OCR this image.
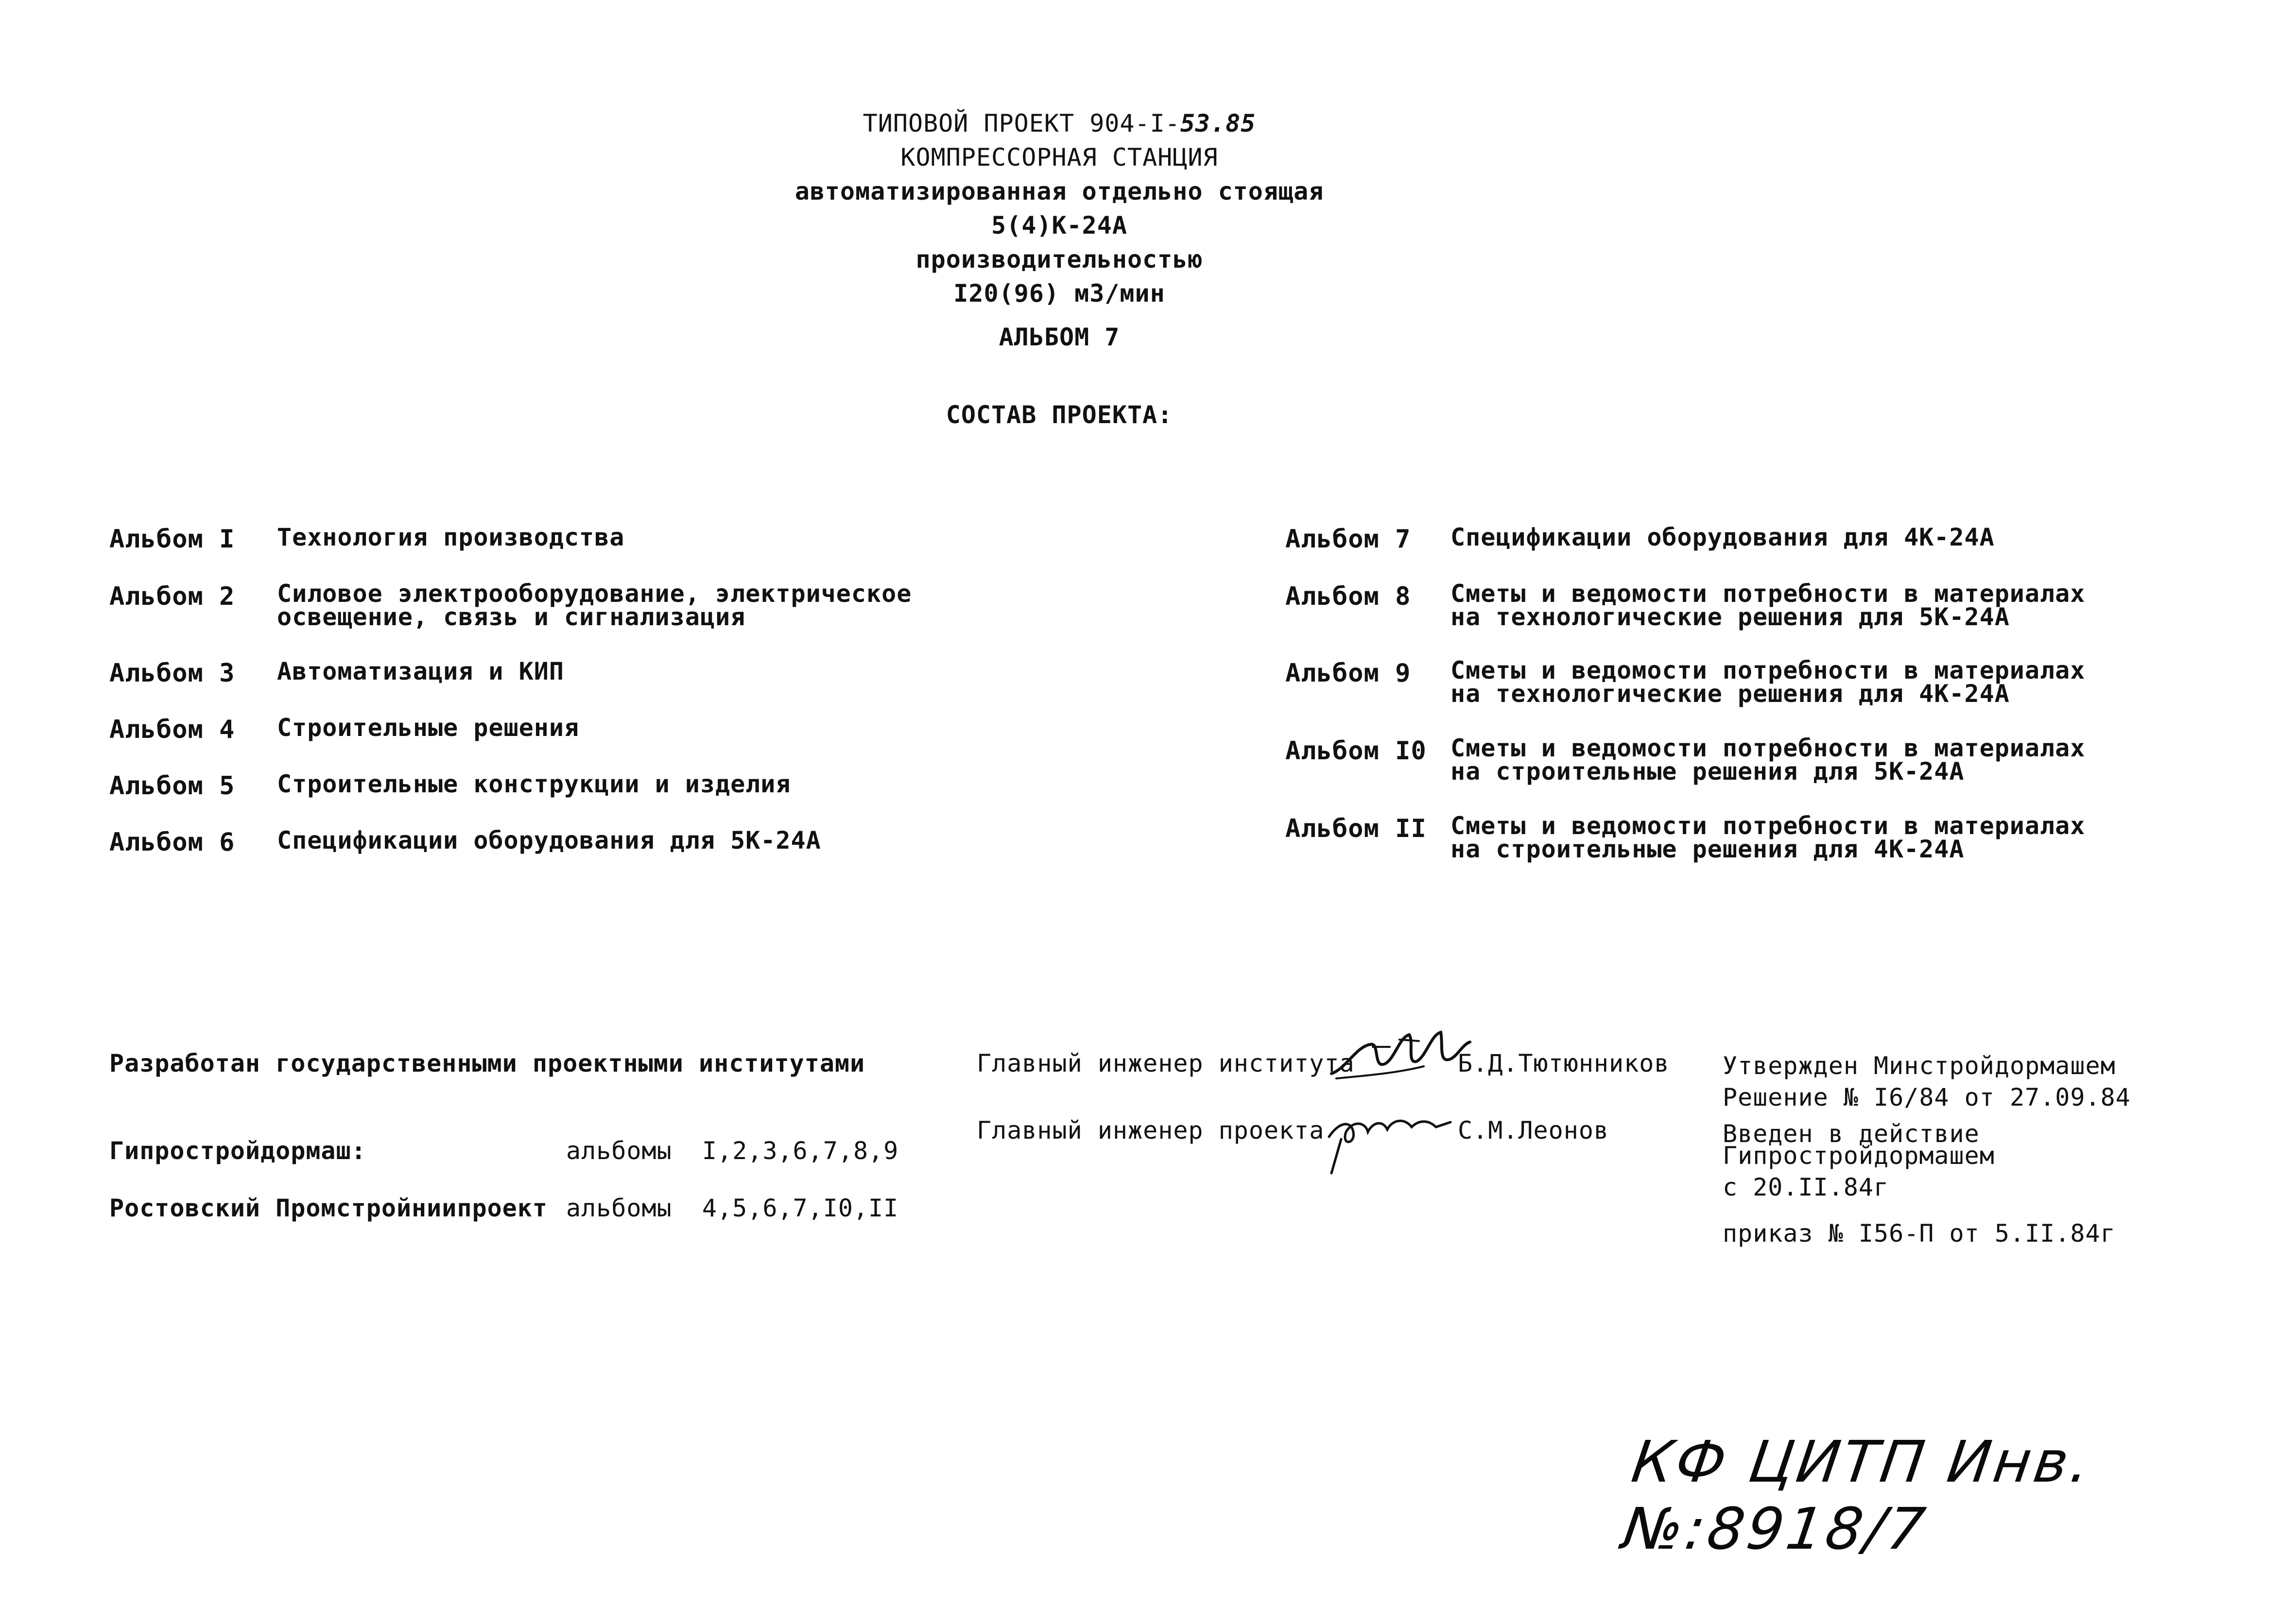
ТИПОВОЙ ПРОЕКТ 904-I-53.85
КОМПРЕССОРНАЯ СТАНЦИЯ
автоматизированная отдельно стоящая
5(4)К-24А
производительностью
I20(96) м3/мин
АЛЬБОМ 7
СОСТАВ ПРОЕКТА:
Альбом I Технология производства
Альбом 2 Силовое электрооборудование, электрическое
освещение, связь и сигнализация
Альбом 3 Автоматизация и КИП
Альбом 4 Строительные решения
Альбом 5 Строительные конструкции и изделия
Альбом 6 Спецификации оборудования для 5К-24А
Альбом 7 Спецификации оборудования для 4К-24А
Альбом 8 Сметы и ведомости потребности в материалах
на технологические решения для 5К-24А
Альбом 9 Сметы и ведомости потребности в материалах
на технологические решения для 4К-24А
Альбом I0 Сметы и ведомости потребности в материалах
на строительные решения для 5К-24А
Альбом II Сметы и ведомости потребности в материалах
на строительные решения для 4К-24А
Разработан государственными проектными институтами
Гипростройдормаш:	альбомы  I,2,3,6,7,8,9
Ростовский Промстройниипроект альбомы  4,5,6,7,I0,II
Главный инженер института	Б.Д.Тютюнников
Главный инженер проекта	С.М.Леонов
Утвержден Минстройдормашем
Решение № I6/84 от 27.09.84
Введен в действие
Гипростройдормашем
с 20.II.84г
приказ № I56-П от 5.II.84г
КФ ЦИТП Инв.№:8918/7
